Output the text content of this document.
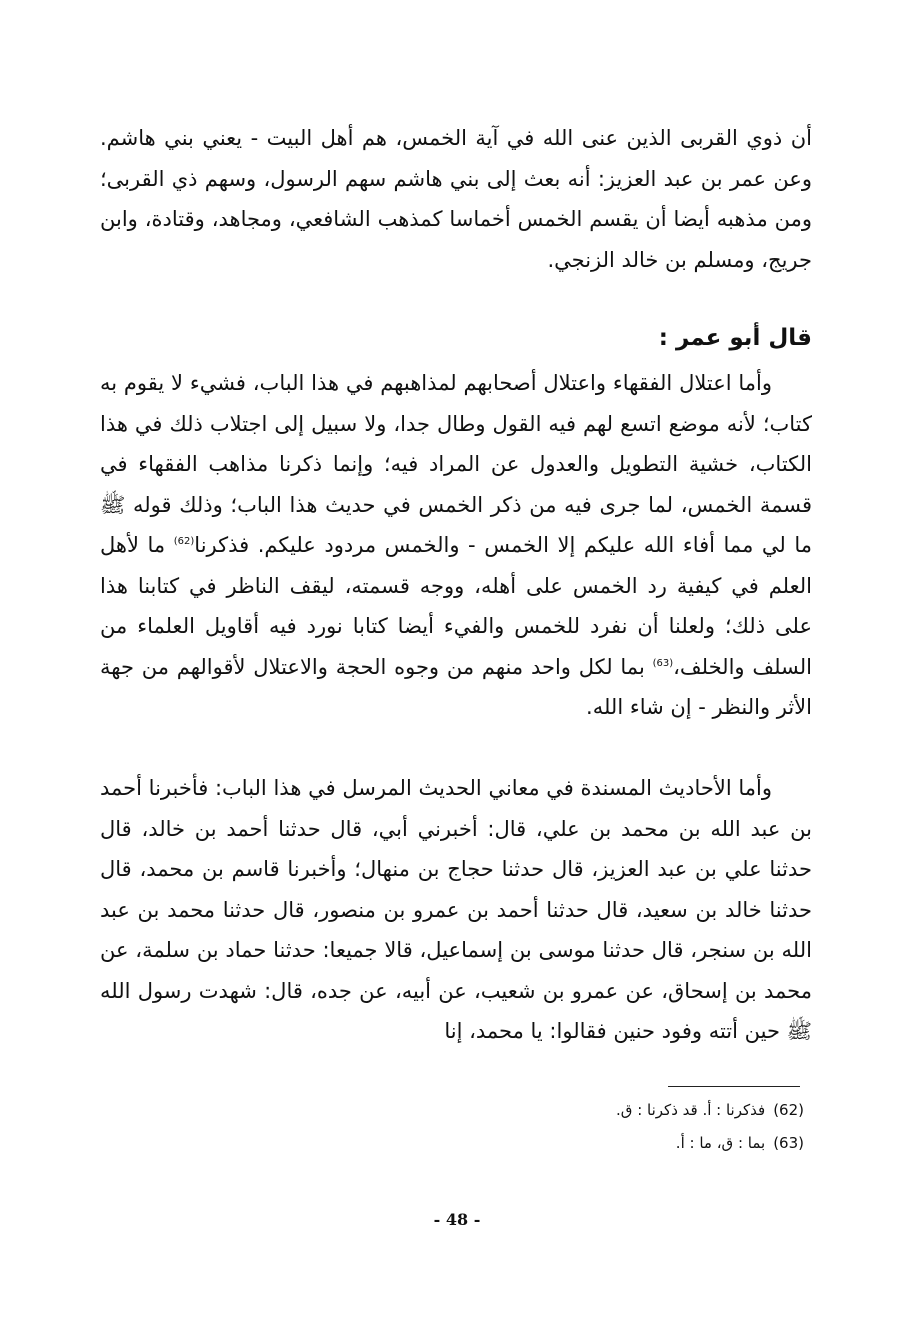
أن ذوي القربى الذين عنى الله في آية الخمس، هم أهل البيت - يعني بني هاشم. وعن عمر بن عبد العزيز: أنه بعث إلى بني هاشم سهم الرسول، وسهم ذي القربى؛ ومن مذهبه أيضا أن يقسم الخمس أخماسا كمذهب الشافعي، ومجاهد، وقتادة، وابن جريج، ومسلم بن خالد الزنجي.

قال أبو عمر :

وأما اعتلال الفقهاء واعتلال أصحابهم لمذاهبهم في هذا الباب، فشيء لا يقوم به كتاب؛ لأنه موضع اتسع لهم فيه القول وطال جدا، ولا سبيل إلى اجتلاب ذلك في هذا الكتاب، خشية التطويل والعدول عن المراد فيه؛ وإنما ذكرنا مذاهب الفقهاء في قسمة الخمس، لما جرى فيه من ذكر الخمس في حديث هذا الباب؛ وذلك قوله ﷺ ما لي مما أفاء الله عليكم إلا الخمس - والخمس مردود عليكم. فذكرنا$^{(62)}$ ما لأهل العلم في كيفية رد الخمس على أهله، ووجه قسمته، ليقف الناظر في كتابنا هذا على ذلك؛ ولعلنا أن نفرد للخمس والفيء أيضا كتابا نورد فيه أقاويل العلماء من السلف والخلف،$^{(63)}$ بما لكل واحد منهم من وجوه الحجة والاعتلال لأقوالهم من جهة الأثر والنظر - إن شاء الله.

وأما الأحاديث المسندة في معاني الحديث المرسل في هذا الباب: فأخبرنا أحمد بن عبد الله بن محمد بن علي، قال: أخبرني أبي، قال حدثنا أحمد بن خالد، قال حدثنا علي بن عبد العزيز، قال حدثنا حجاج بن منهال؛ وأخبرنا قاسم بن محمد، قال حدثنا خالد بن سعيد، قال حدثنا أحمد بن عمرو بن منصور، قال حدثنا محمد بن عبد الله بن سنجر، قال حدثنا موسى بن إسماعيل، قالا جميعا: حدثنا حماد بن سلمة، عن محمد بن إسحاق، عن عمرو بن شعيب، عن أبيه، عن جده، قال: شهدت رسول الله ﷺ حين أتته وفود حنين فقالوا: يا محمد، إنا

(62)فذكرنا : أ. قد ذكرنا : ق.
(63)بما : ق، ما : أ.
- 48 -
